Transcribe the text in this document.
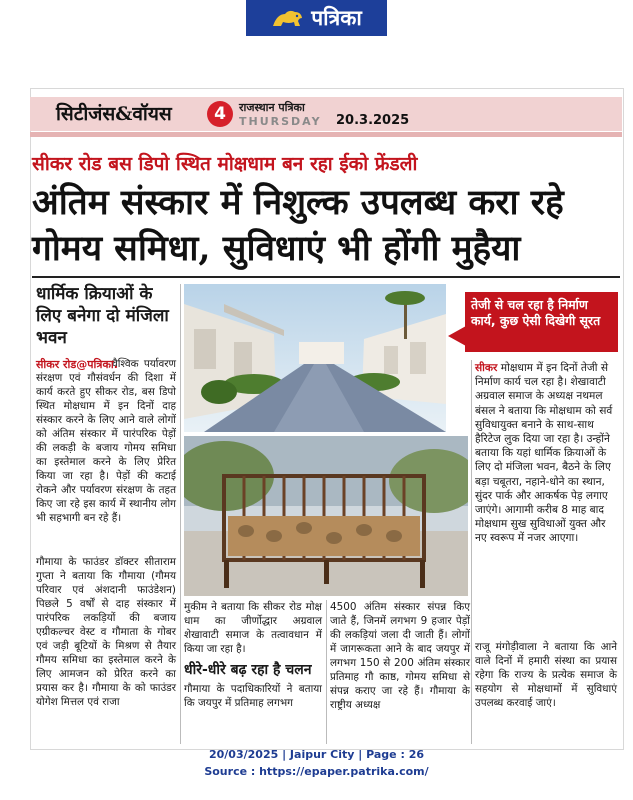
पत्रिका
सिटीजंस&वॉयस	4	राजस्थान पत्रिका
THURSDAY 20.3.2025
सीकर रोड बस डिपो स्थित मोक्षधाम बन रहा ईको फ्रेंडली
अंतिम संस्कार में निशुल्क उपलब्ध करा रहे गोमय समिधा, सुविधाएं भी होंगी मुहैया
धार्मिक क्रियाओं के लिए बनेगा दो मंजिला भवन

वैश्विक पर्यावरण संरक्षण एवं गौसंवर्धन की दिशा में कार्य करते हुए सीकर रोड, बस डिपो स्थित मोक्षधाम में इन दिनों दाह संस्कार करने के लिए आने वाले लोगों को अंतिम संस्कार में पारंपरिक पेड़ों की लकड़ी के बजाय गोमय समिधा का इस्तेमाल करने के लिए प्रेरित किया जा रहा है। पेड़ों की कटाई रोकने और पर्यावरण संरक्षण के तहत किए जा रहे इस कार्य में स्थानीय लोग भी सहभागी बन रहे हैं।

सीकर रोड@पत्रिका.

गौमाया के फाउंडर डॉक्टर सीताराम गुप्ता ने बताया कि गौमाया (गौमय परिवार एवं अंशदानी फाउंडेशन) पिछले 5 वर्षों से दाह संस्कार में पारंपरिक लकड़ियों की बजाय एग्रीकल्चर वेस्ट व गौमाता के गोबर एवं जड़ी बूटियों के मिश्रण से तैयार गौमय समिधा का इस्तेमाल करने के लिए आमजन को प्रेरित करने का प्रयास कर है। गौमाया के को फाउंडर योगेश मित्तल एवं राजा

तेजी से चल रहा है निर्माण कार्य, कुछ ऐसी दिखेगी सूरत

सीकर मोक्षधाम में इन दिनों तेजी से निर्माण कार्य चल रहा है। शेखावाटी अग्रवाल समाज के अध्यक्ष नथमल बंसल ने बताया कि मोक्षधाम को सर्व सुविधायुक्त बनाने के साथ-साथ हैरिटेज लुक दिया जा रहा है। उन्होंने बताया कि यहां धार्मिक क्रियाओं के लिए दो मंजिला भवन, बैठने के लिए बड़ा चबूतरा, नहाने-धोने का स्थान, सुंदर पार्क और आकर्षक पेड़ लगाए जाएंगे। आगामी करीब 8 माह बाद मोक्षधाम सुख सुविधाओं युक्त और नए स्वरूप में नजर आएगा।

मुकीम ने बताया कि सीकर रोड मोक्ष धाम का जीर्णोद्धार अग्रवाल शेखावाटी समाज के तत्वावधान में किया जा रहा है।

धीरे-धीरे बढ़ रहा है चलन

गौमाया के पदाधिकारियों ने बताया कि जयपुर में प्रतिमाह लगभग

4500 अंतिम संस्कार संपन्न किए जाते हैं, जिनमें लगभग 9 हजार पेड़ों की लकड़ियां जला दी जाती हैं। लोगों में जागरूकता आने के बाद जयपुर में लगभग 150 से 200 अंतिम संस्कार प्रतिमाह गौ काष्ठ, गोमय समिधा से संपन्न कराए जा रहे हैं। गौमाया के राष्ट्रीय अध्यक्ष

राजू मंगोड़ीवाला ने बताया कि आने वाले दिनों में हमारी संस्था का प्रयास रहेगा कि राज्य के प्रत्येक समाज के सहयोग से मोक्षधामों में सुविधाएं उपलब्ध करवाई जाएं।

20/03/2025 | Jaipur City | Page : 26
Source : https://epaper.patrika.com/
